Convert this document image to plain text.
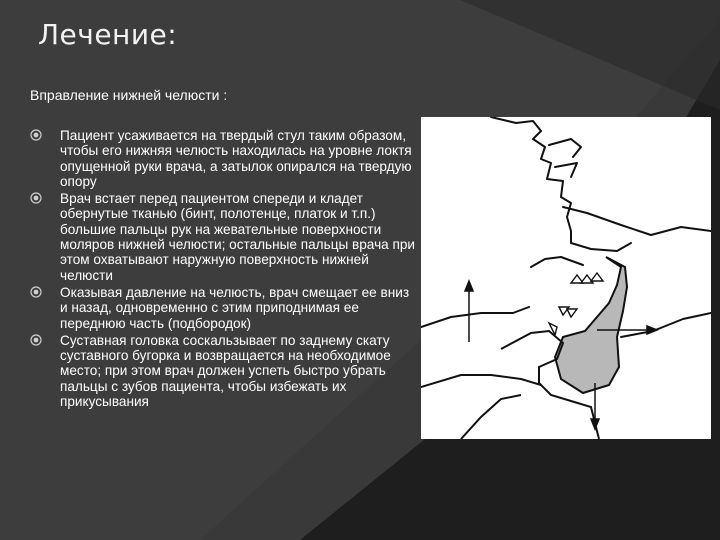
Лечение:
Вправление нижней челюсти :
Пациент усаживается на твердый стул таким образом, чтобы его нижняя челюсть находилась на уровне локтя опущенной руки врача, а затылок опирался на твердую опору
Врач встает перед пациентом спереди и кладет обернутые тканью (бинт, полотенце, платок и т.п.) большие пальцы рук на жевательные поверхности моляров нижней челюсти; остальные пальцы врача при этом охватывают наружную поверхность нижней челюсти
Оказывая давление на челюсть, врач смещает ее вниз и назад, одновременно с этим приподнимая ее переднюю часть (подбородок)
Суставная головка соскальзывает по заднему скату суставного бугорка и возвращается на необходимое место; при этом врач должен успеть быстро убрать пальцы с зубов пациента, чтобы избежать их прикусывания
